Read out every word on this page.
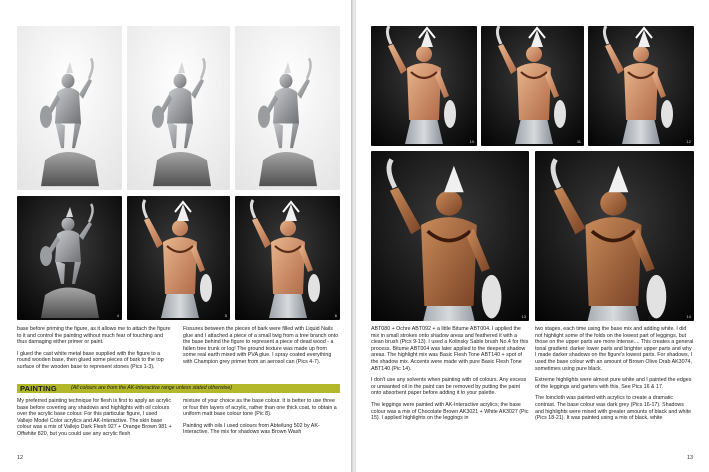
1	2	3
4	5	6

base before priming the figure, as it allows me to attach the figure to it and control the painting without much fear of touching and thus damaging either primer or paint.

I glued the cast white metal base supplied with the figure to a round wooden base, then glued some pieces of bark to the top surface of the wooden base to represent stones (Pics 1-3).

Fissures between the pieces of bark were filled with Liquid Nails glue and I attached a piece of a small twig from a tree branch onto the base behind the figure to represent a piece of dead wood - a fallen tree trunk or log! The ground texture was made up from some real earth mixed with PVA glue. I spray coated everything with Champion grey primer from an aerosol can (Pics 4-7).

PAINTING	(All colours are from the AK-Interactive range unless stated otherwise)

My preferred painting technique for flesh is first to apply an acrylic base before covering any shadows and highlights with oil colours over the acrylic base colour. For this particular figure, I used Vallejo Model Color acrylics and AK-Interactive. The skin base colour was a mix of Vallejo Dark Flesh 927 + Orange Brown 981 + Offwhite 820, but you could use any acrylic flesh

mixture of your choice as the base colour. It is better to use three or four thin layers of acrylic, rather than one thick coat, to obtain a uniform matt base colour tone (Pic 8).

Painting with oils I used colours from Abteilung 502 by AK-Interactive. The mix for shadows was Brown Wash

12
10	11	12
13	14

ABT080 + Ochre ABT092 + a little Bitume ABT004. I applied the mix in small strokes onto shadow areas and feathered it with a clean brush (Pics 9-13). I used a Kolinsky Sable brush No.4 for this process. Bitume ABT004 was later applied to the deepest shadow areas. The highlight mix was Basic Flesh Tone ABT140 + spot of the shadow mix. Accents were made with pure Basic Flesh Tone ABT140 (Pic 14).

I don't use any solvents when painting with oil colours. Any excess or unwanted oil in the paint can be removed by putting the paint onto absorbent paper before adding it to your palette.

The leggings were painted with AK-Interactive acrylics; the base colour was a mix of Chocolate Brown AK3021 + White AK3027 (Pic 15). I applied highlights on the leggings in

two stages, each time using the base mix and adding white. I did not highlight some of the folds on the lowest part of leggings, but those on the upper parts are more intense.... This creates a general tonal gradient: darker lower parts and brighter upper parts and why I made darker shadows on the figure's lowest parts. For shadows, I used the base colour with an amount of Brown Olive Drab AK3074, sometimes using pure black.

Extreme highlights were almost pure white and I painted the edges of the leggings and garters with this. See Pics 16 & 17.

The loincloth was painted with acrylics to create a dramatic contrast. The base colour was dark grey (Pics 16-17). Shadows and highlights were mixed with greater amounts of black and white (Pics 18-21). It was painted using a mix of black, white

13
